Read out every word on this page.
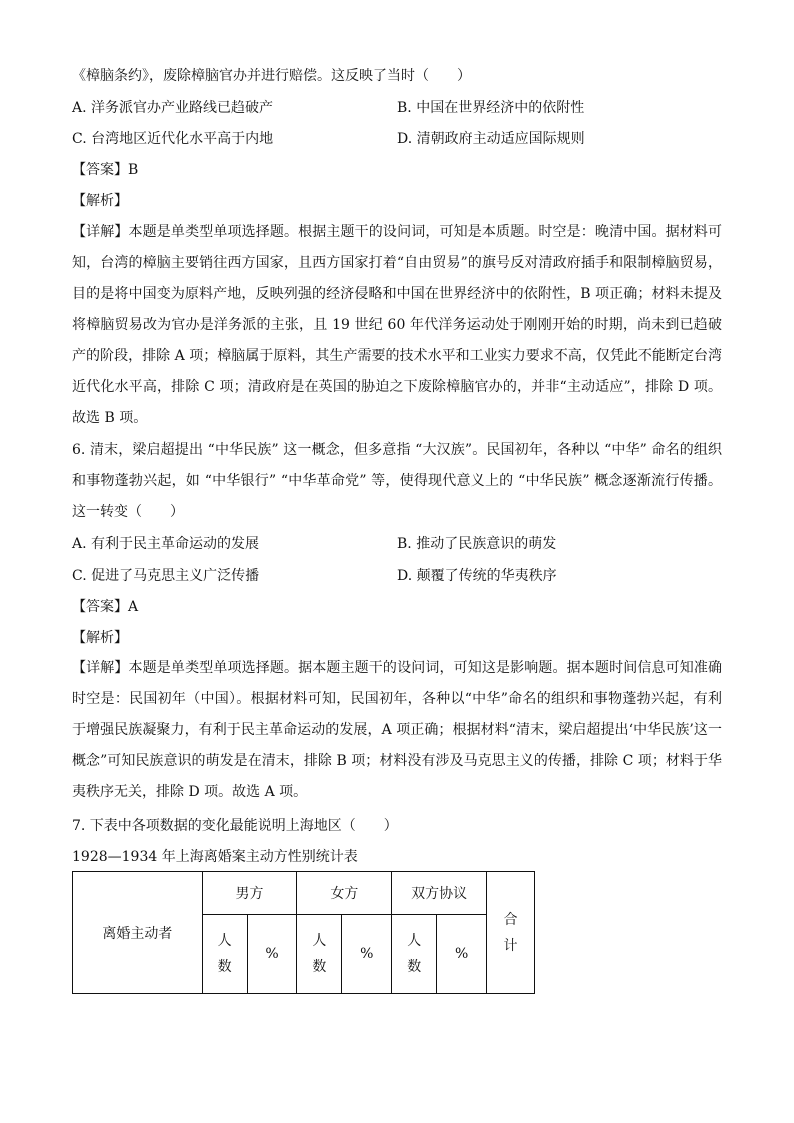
《樟脑条约》，废除樟脑官办并进行赔偿。这反映了当时（　　）
A. 洋务派官办产业路线已趋破产	B. 中国在世界经济中的依附性
C. 台湾地区近代化水平高于内地	D. 清朝政府主动适应国际规则
【答案】B
【解析】
【详解】本题是单类型单项选择题。根据主题干的设问词，可知是本质题。时空是：晚清中国。据材料可知，台湾的樟脑主要销往西方国家，且西方国家打着“自由贸易”的旗号反对清政府插手和限制樟脑贸易，目的是将中国变为原料产地，反映列强的经济侵略和中国在世界经济中的依附性，B 项正确；材料未提及将樟脑贸易改为官办是洋务派的主张，且 19 世纪 60 年代洋务运动处于刚刚开始的时期，尚未到已趋破产的阶段，排除 A 项；樟脑属于原料，其生产需要的技术水平和工业实力要求不高，仅凭此不能断定台湾近代化水平高，排除 C 项；清政府是在英国的胁迫之下废除樟脑官办的，并非“主动适应”，排除 D 项。故选 B 项。
6. 清末，梁启超提出 “中华民族” 这一概念，但多意指 “大汉族”。民国初年，各种以 “中华” 命名的组织和事物蓬勃兴起，如 “中华银行” “中华革命党” 等，使得现代意义上的 “中华民族” 概念逐渐流行传播。这一转变（　　）
A. 有利于民主革命运动的发展	B. 推动了民族意识的萌发
C. 促进了马克思主义广泛传播	D. 颠覆了传统的华夷秩序
【答案】A
【解析】
【详解】本题是单类型单项选择题。据本题主题干的设问词，可知这是影响题。据本题时间信息可知准确时空是：民国初年（中国）。根据材料可知，民国初年，各种以“中华”命名的组织和事物蓬勃兴起，有利于增强民族凝聚力，有利于民主革命运动的发展，A 项正确；根据材料“清末，梁启超提出‘中华民族’这一概念”可知民族意识的萌发是在清末，排除 B 项；材料没有涉及马克思主义的传播，排除 C 项；材料于华夷秩序无关，排除 D 项。故选 A 项。
7. 下表中各项数据的变化最能说明上海地区（　　）
1928—1934 年上海离婚案主动方性别统计表
离婚主动者	男方		女方		双方协议		合计
	人数	%	人数	%	人数	%	
